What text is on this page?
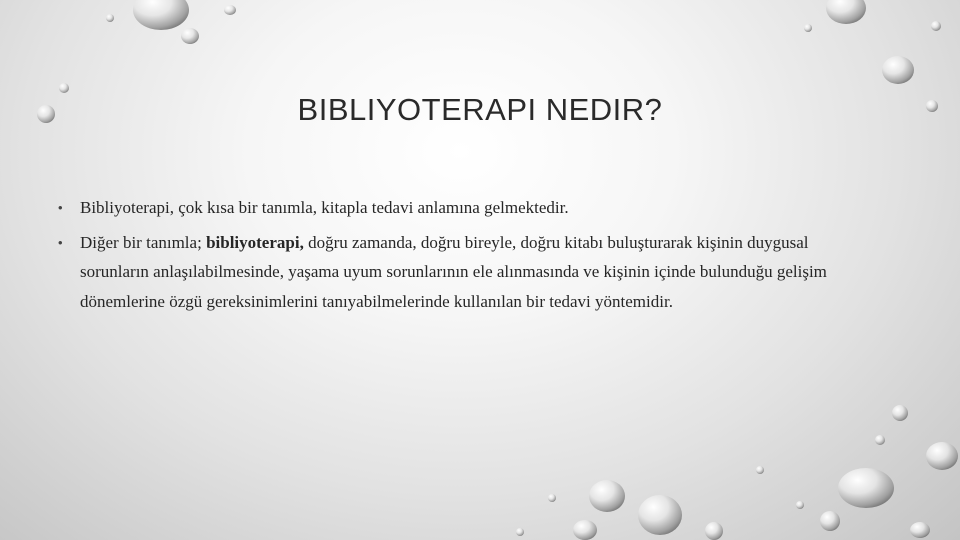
BIBLIYOTERAPI NEDIR?
• Bibliyoterapi, çok kısa bir tanımla, kitapla tedavi anlamına gelmektedir.
• Diğer bir tanımla; bibliyoterapi, doğru zamanda, doğru bireyle, doğru kitabı buluşturarak kişinin duygusal sorunların anlaşılabilmesinde, yaşama uyum sorunlarının ele alınmasında ve kişinin içinde bulunduğu gelişim dönemlerine özgü gereksinimlerini tanıyabilmelerinde kullanılan bir tedavi yöntemidir.
